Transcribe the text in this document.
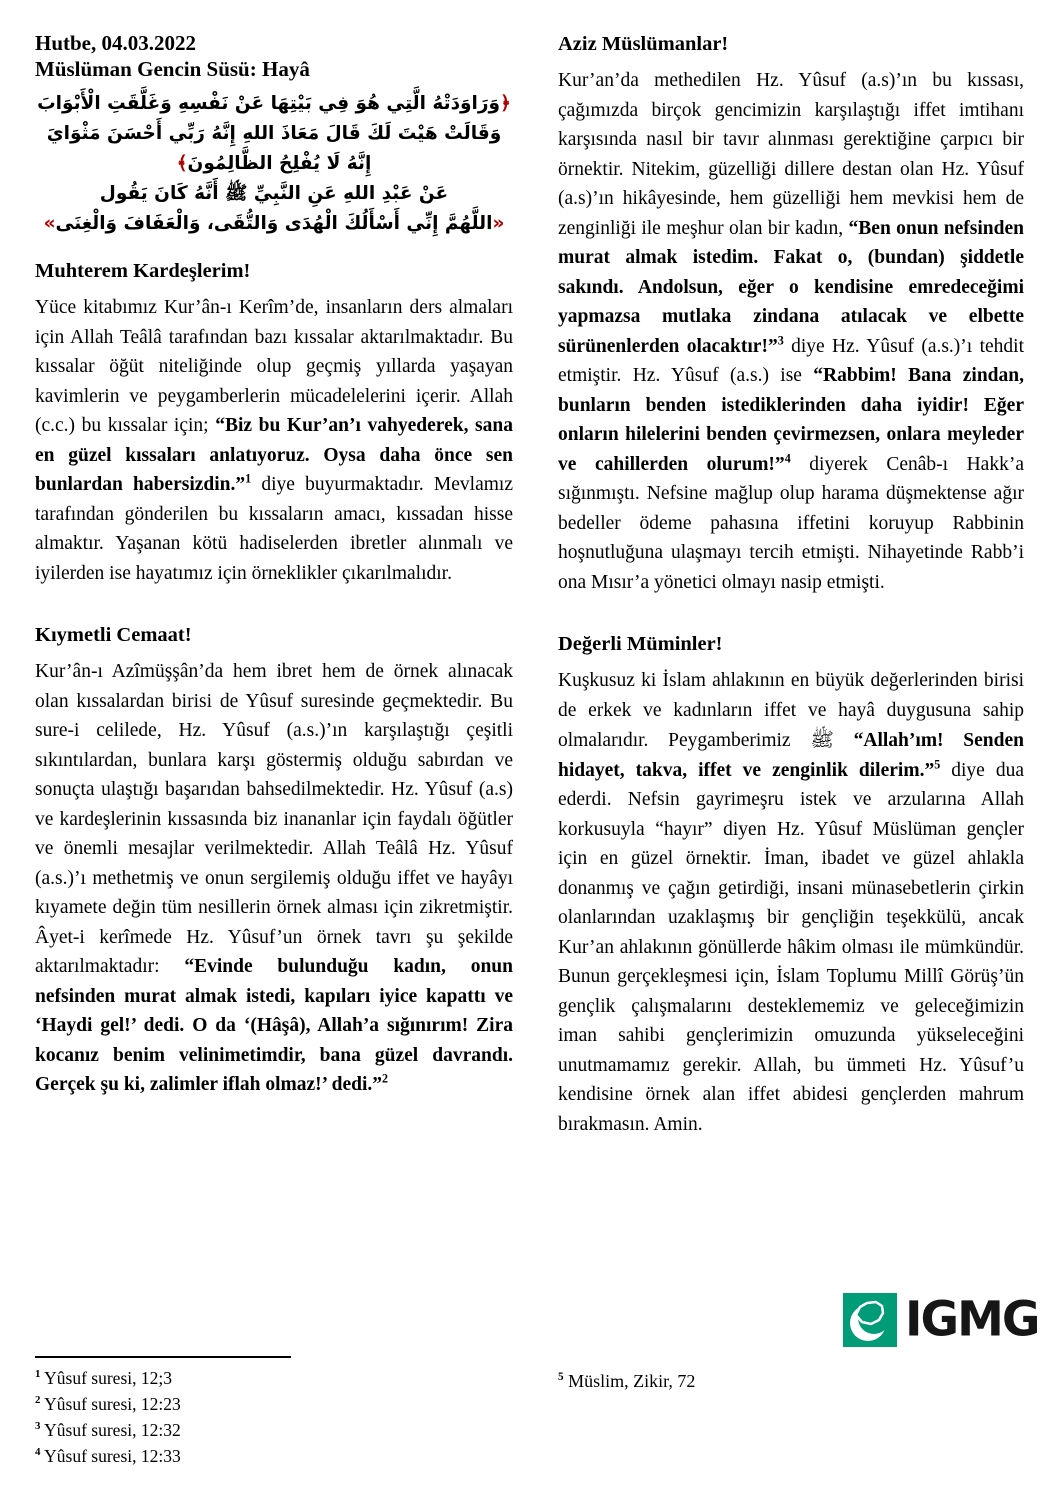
Hutbe, 04.03.2022
Müslüman Gencin Süsü: Hayâ
﴿وَرَاوَدَتْهُ الَّتِي هُوَ فِي بَيْتِهَا عَنْ نَفْسِهِ وَغَلَّقَتِ الْأَبْوَابَ وَقَالَتْ هَيْتَ لَكَ قَالَ مَعَاذَ اللهِ إِنَّهُ رَبِّي أَحْسَنَ مَثْوَايَ إِنَّهُ لَا يُفْلِحُ الظَّالِمُونَ﴾
عَنْ عَبْدِ اللهِ عَنِ النَّبِيِّ ﷺ أَنَّهُ كَانَ يَقُول
«اللَّهُمَّ إِنِّي أَسْأَلُكَ الْهُدَى وَالتُّقَى، وَالْعَفَافَ وَالْغِنَى»
Muhterem Kardeşlerim!

Yüce kitabımız Kur’ân-ı Kerîm’de, insanların ders almaları için Allah Teâlâ tarafından bazı kıssalar aktarılmaktadır. Bu kıssalar öğüt niteliğinde olup geçmiş yıllarda yaşayan kavimlerin ve peygamberlerin mücadelelerini içerir. Allah (c.c.) bu kıssalar için; “Biz bu Kur’an’ı vahyederek, sana en güzel kıssaları anlatıyoruz. Oysa daha önce sen bunlardan habersizdin.”$^1$ diye buyurmaktadır. Mevlamız tarafından gönderilen bu kıssaların amacı, kıssadan hisse almaktır. Yaşanan kötü hadiselerden ibretler alınmalı ve iyilerden ise hayatımız için örneklikler çıkarılmalıdır.

Kıymetli Cemaat!

Kur’ân-ı Azîmüşşân’da hem ibret hem de örnek alınacak olan kıssalardan birisi de Yûsuf suresinde geçmektedir. Bu sure-i celilede, Hz. Yûsuf (a.s.)’ın karşılaştığı çeşitli sıkıntılardan, bunlara karşı göstermiş olduğu sabırdan ve sonuçta ulaştığı başarıdan bahsedilmektedir. Hz. Yûsuf (a.s) ve kardeşlerinin kıssasında biz inananlar için faydalı öğütler ve önemli mesajlar verilmektedir. Allah Teâlâ Hz. Yûsuf (a.s.)’ı methetmiş ve onun sergilemiş olduğu iffet ve hayâyı kıyamete değin tüm nesillerin örnek alması için zikretmiştir. Âyet-i kerîmede Hz. Yûsuf’un örnek tavrı şu şekilde aktarılmaktadır: “Evinde bulunduğu kadın, onun nefsinden murat almak istedi, kapıları iyice kapattı ve ‘Haydi gel!’ dedi. O da ‘(Hâşâ), Allah’a sığınırım! Zira kocanız benim velinimetimdir, bana güzel davrandı. Gerçek şu ki, zalimler iflah olmaz!’ dedi.”$^2$

Aziz Müslümanlar!

Kur’an’da methedilen Hz. Yûsuf (a.s)’ın bu kıssası, çağımızda birçok gencimizin karşılaştığı iffet imtihanı karşısında nasıl bir tavır alınması gerektiğine çarpıcı bir örnektir. Nitekim, güzelliği dillere destan olan Hz. Yûsuf (a.s)’ın hikâyesinde, hem güzelliği hem mevkisi hem de zenginliği ile meşhur olan bir kadın, “Ben onun nefsinden murat almak istedim. Fakat o, (bundan) şiddetle sakındı. Andolsun, eğer o kendisine emredeceğimi yapmazsa mutlaka zindana atılacak ve elbette sürünenlerden olacaktır!”$^3$ diye Hz. Yûsuf (a.s.)’ı tehdit etmiştir. Hz. Yûsuf (a.s.) ise “Rabbim! Bana zindan, bunların benden istediklerinden daha iyidir! Eğer onların hilelerini benden çevirmezsen, onlara meyleder ve cahillerden olurum!”$^4$ diyerek Cenâb-ı Hakk’a sığınmıştı. Nefsine mağlup olup harama düşmektense ağır bedeller ödeme pahasına iffetini koruyup Rabbinin hoşnutluğuna ulaşmayı tercih etmişti. Nihayetinde Rabb’i ona Mısır’a yönetici olmayı nasip etmişti.

Değerli Müminler!

Kuşkusuz ki İslam ahlakının en büyük değerlerinden birisi de erkek ve kadınların iffet ve hayâ duygusuna sahip olmalarıdır. Peygamberimiz ﷺ “Allah’ım! Senden hidayet, takva, iffet ve zenginlik dilerim.”$^5$ diye dua ederdi. Nefsin gayrimeşru istek ve arzularına Allah korkusuyla “hayır” diyen Hz. Yûsuf Müslüman gençler için en güzel örnektir. İman, ibadet ve güzel ahlakla donanmış ve çağın getirdiği, insani münasebetlerin çirkin olanlarından uzaklaşmış bir gençliğin teşekkülü, ancak Kur’an ahlakının gönüllerde hâkim olması ile mümkündür. Bunun gerçekleşmesi için, İslam Toplumu Millî Görüş’ün gençlik çalışmalarını desteklememiz ve geleceğimizin iman sahibi gençlerimizin omuzunda yükseleceğini unutmamamız gerekir. Allah, bu ümmeti Hz. Yûsuf’u kendisine örnek alan iffet abidesi gençlerden mahrum bırakmasın. Amin.

IGMG
$^1$ Yûsuf suresi, 12;3
$^2$ Yûsuf suresi, 12:23
$^3$ Yûsuf suresi, 12:32
$^4$ Yûsuf suresi, 12:33
$^5$ Müslim, Zikir, 72
